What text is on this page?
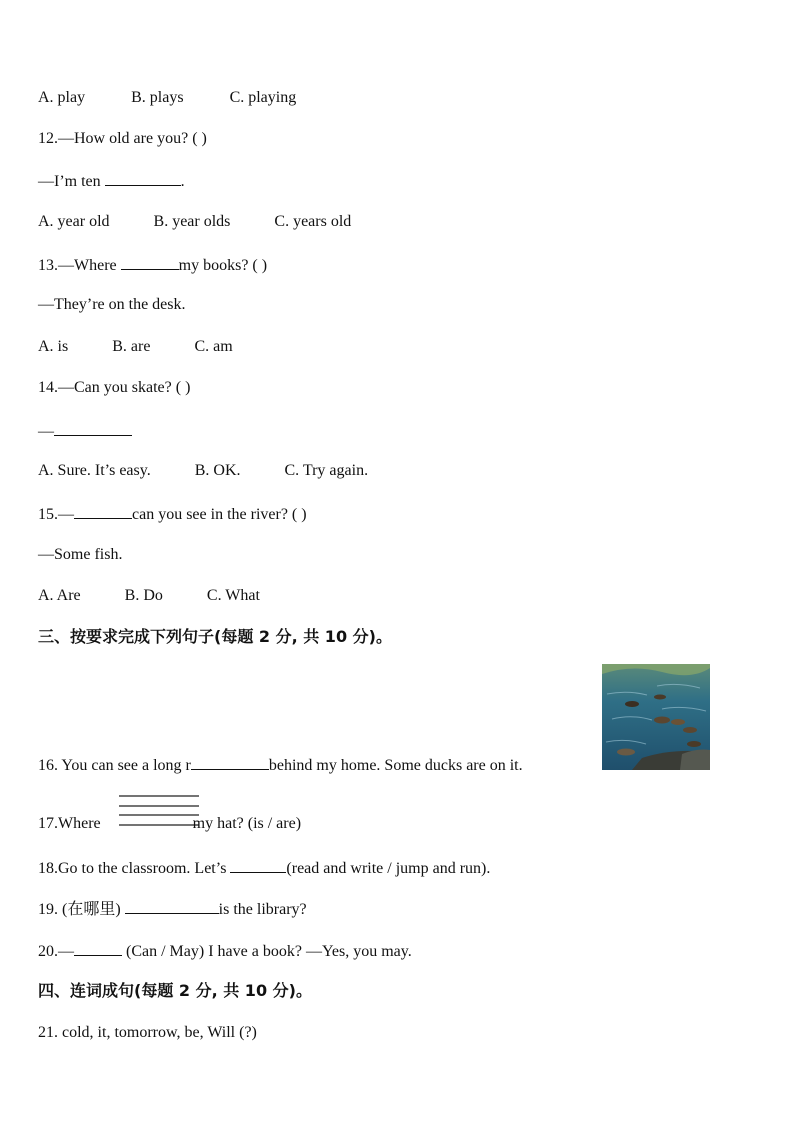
A. play	B. plays	C. playing
12.—How old are you? ( )
—I’m ten	.
A. year old	B. year olds	C. years old
13.—Where	my books? ( )
—They’re on the desk.
A. is	B. are	C. am
14.—Can you skate? ( )
—
A. Sure. It’s easy.	B. OK.	C. Try again.
15.—	can you see in the river? ( )
—Some fish.
A. Are	B. Do	C. What
三、按要求完成下列句子(每题 2 分, 共 10 分)。
16. You can see a long r	behind my home. Some ducks are on it.
17.Where	my hat? (is / are)
18.Go to the classroom. Let’s	(read and write / jump and run).
19. (在哪里)	is the library?
20.—	(Can / May) I have a book? —Yes, you may.
四、连词成句(每题 2 分, 共 10 分)。
21. cold, it, tomorrow, be, Will (?)
